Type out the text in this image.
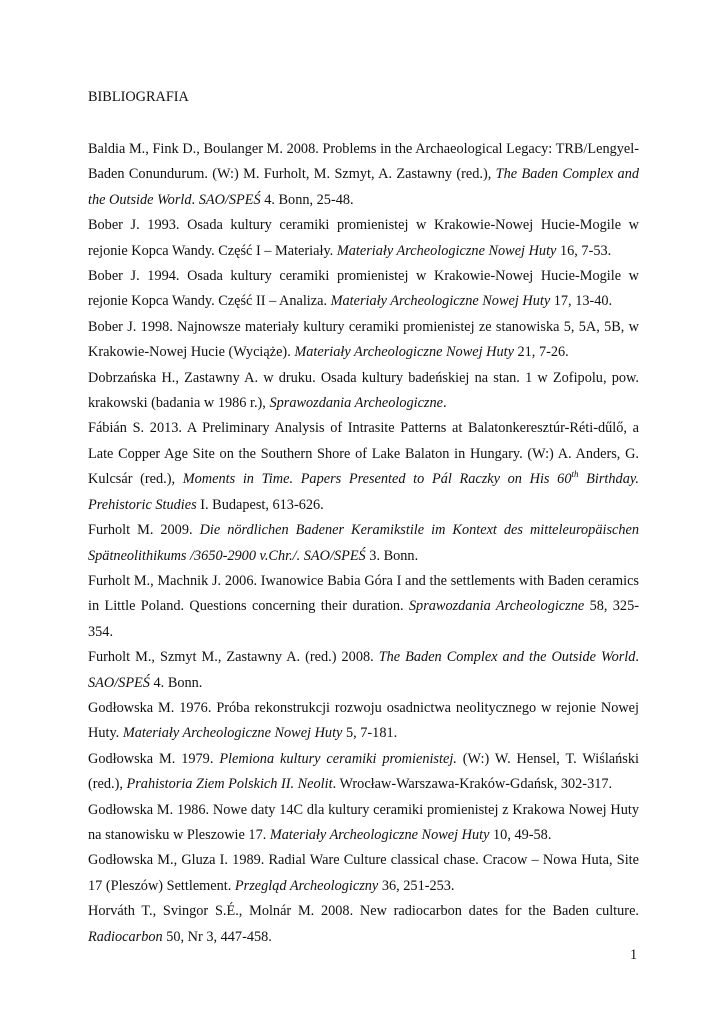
BIBLIOGRAFIA

Baldia M., Fink D., Boulanger M. 2008. Problems in the Archaeological Legacy: TRB/Lengyel-Baden Conundurum. (W:) M. Furholt, M. Szmyt, A. Zastawny (red.), The Baden Complex and the Outside World. SAO/SPEŚ 4. Bonn, 25-48.

Bober J. 1993. Osada kultury ceramiki promienistej w Krakowie-Nowej Hucie-Mogile w rejonie Kopca Wandy. Część I – Materiały. Materiały Archeologiczne Nowej Huty 16, 7-53.

Bober J. 1994. Osada kultury ceramiki promienistej w Krakowie-Nowej Hucie-Mogile w rejonie Kopca Wandy. Część II – Analiza. Materiały Archeologiczne Nowej Huty 17, 13-40.

Bober J. 1998. Najnowsze materiały kultury ceramiki promienistej ze stanowiska 5, 5A, 5B, w Krakowie-Nowej Hucie (Wyciąże). Materiały Archeologiczne Nowej Huty 21, 7-26.

Dobrzańska H., Zastawny A. w druku. Osada kultury badeńskiej na stan. 1 w Zofipolu, pow. krakowski (badania w 1986 r.), Sprawozdania Archeologiczne.

Fábián S. 2013. A Preliminary Analysis of Intrasite Patterns at Balatonkeresztúr-Réti-dűlő, a Late Copper Age Site on the Southern Shore of Lake Balaton in Hungary. (W:) A. Anders, G. Kulcsár (red.), Moments in Time. Papers Presented to Pál Raczky on His 60th Birthday. Prehistoric Studies I. Budapest, 613-626.

Furholt M. 2009. Die nördlichen Badener Keramikstile im Kontext des mitteleuropäischen Spätneolithikums /3650-2900 v.Chr./. SAO/SPEŚ 3. Bonn.

Furholt M., Machnik J. 2006. Iwanowice Babia Góra I and the settlements with Baden ceramics in Little Poland. Questions concerning their duration. Sprawozdania Archeologiczne 58, 325-354.

Furholt M., Szmyt M., Zastawny A. (red.) 2008. The Baden Complex and the Outside World. SAO/SPEŚ 4. Bonn.

Godłowska M. 1976. Próba rekonstrukcji rozwoju osadnictwa neolitycznego w rejonie Nowej Huty. Materiały Archeologiczne Nowej Huty 5, 7-181.

Godłowska M. 1979. Plemiona kultury ceramiki promienistej. (W:) W. Hensel, T. Wiślański (red.), Prahistoria Ziem Polskich II. Neolit. Wrocław-Warszawa-Kraków-Gdańsk, 302-317.

Godłowska M. 1986. Nowe daty 14C dla kultury ceramiki promienistej z Krakowa Nowej Huty na stanowisku w Pleszowie 17. Materiały Archeologiczne Nowej Huty 10, 49-58.

Godłowska M., Gluza I. 1989. Radial Ware Culture classical chase. Cracow – Nowa Huta, Site 17 (Pleszów) Settlement. Przegląd Archeologiczny 36, 251-253.

Horváth T., Svingor S.É., Molnár M. 2008. New radiocarbon dates for the Baden culture. Radiocarbon 50, Nr 3, 447-458.

1
